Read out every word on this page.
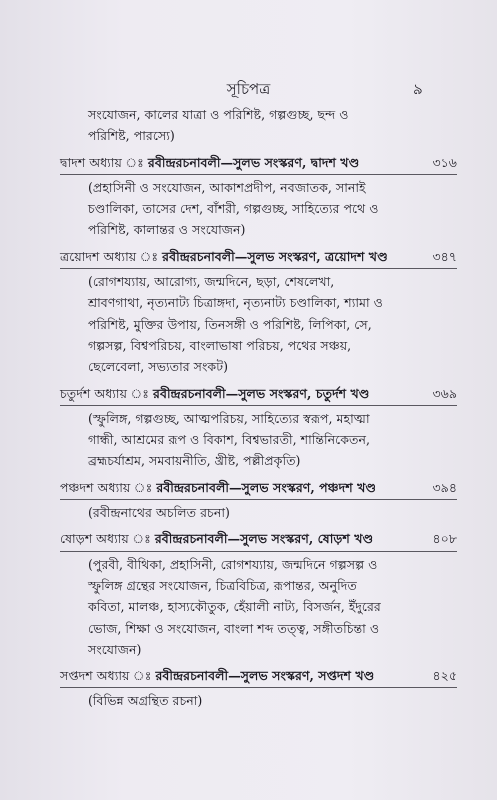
সূচিপত্র	৯
সংযোজন, কালের যাত্রা ও পরিশিষ্ট, গল্পগুচ্ছ, ছন্দ ও
পরিশিষ্ট, পারস্যে)
দ্বাদশ অধ্যায় ঃ রবীন্দ্ররচনাবলী—সুলভ সংস্করণ, দ্বাদশ খণ্ড	৩১৬
(প্রহাসিনী ও সংযোজন, আকাশপ্রদীপ, নবজাতক, সানাই
চণ্ডালিকা, তাসের দেশ, বাঁশরী, গল্পগুচ্ছ, সাহিত্যের পথে ও
পরিশিষ্ট, কালান্তর ও সংযোজন)
ত্রয়োদশ অধ্যায় ঃ রবীন্দ্ররচনাবলী—সুলভ সংস্করণ, ত্রয়োদশ খণ্ড	৩৪৭
(রোগশয্যায়, আরোগ্য, জন্মদিনে, ছড়া, শেষলেখা,
শ্রাবণগাথা, নৃত্যনাট্য চিত্রাঙ্গদা, নৃত্যনাট্য চণ্ডালিকা, শ্যামা ও
পরিশিষ্ট, মুক্তির উপায়, তিনসঙ্গী ও পরিশিষ্ট, লিপিকা, সে,
গল্পসল্প, বিশ্বপরিচয়, বাংলাভাষা পরিচয়, পথের সঞ্চয়,
ছেলেবেলা, সভ্যতার সংকট)
চতুর্দশ অধ্যায় ঃ রবীন্দ্ররচনাবলী—সুলভ সংস্করণ, চতুর্দশ খণ্ড	৩৬৯
(স্ফুলিঙ্গ, গল্পগুচ্ছ, আত্মপরিচয়, সাহিত্যের স্বরূপ, মহাত্মা
গান্ধী, আশ্রমের রূপ ও বিকাশ, বিশ্বভারতী, শান্তিনিকেতন,
ব্রহ্মচর্যাশ্রম, সমবায়নীতি, খ্রীষ্ট, পল্লীপ্রকৃতি)
পঞ্চদশ অধ্যায় ঃ রবীন্দ্ররচনাবলী—সুলভ সংস্করণ, পঞ্চদশ খণ্ড	৩৯৪
(রবীন্দ্রনাথের অচলিত রচনা)
ষোড়শ অধ্যায় ঃ রবীন্দ্ররচনাবলী—সুলভ সংস্করণ, ষোড়শ খণ্ড	৪০৮
(পুরবী, বীথিকা, প্রহাসিনী, রোগশয্যায়, জন্মদিনে গল্পসল্প ও
স্ফুলিঙ্গ গ্রন্থের সংযোজন, চিত্রবিচিত্র, রূপান্তর, অনুদিত
কবিতা, মালঞ্চ, হাস্যকৌতুক, হেঁয়ালী নাট্য, বিসর্জন, ইঁদুরের
ভোজ, শিক্ষা ও সংযোজন, বাংলা শব্দ তত্ত্ব, সঙ্গীতচিন্তা ও
সংযোজন)
সপ্তদশ অধ্যায় ঃ রবীন্দ্ররচনাবলী—সুলভ সংস্করণ, সপ্তদশ খণ্ড	৪২৫
(বিভিন্ন অগ্রন্থিত রচনা)
